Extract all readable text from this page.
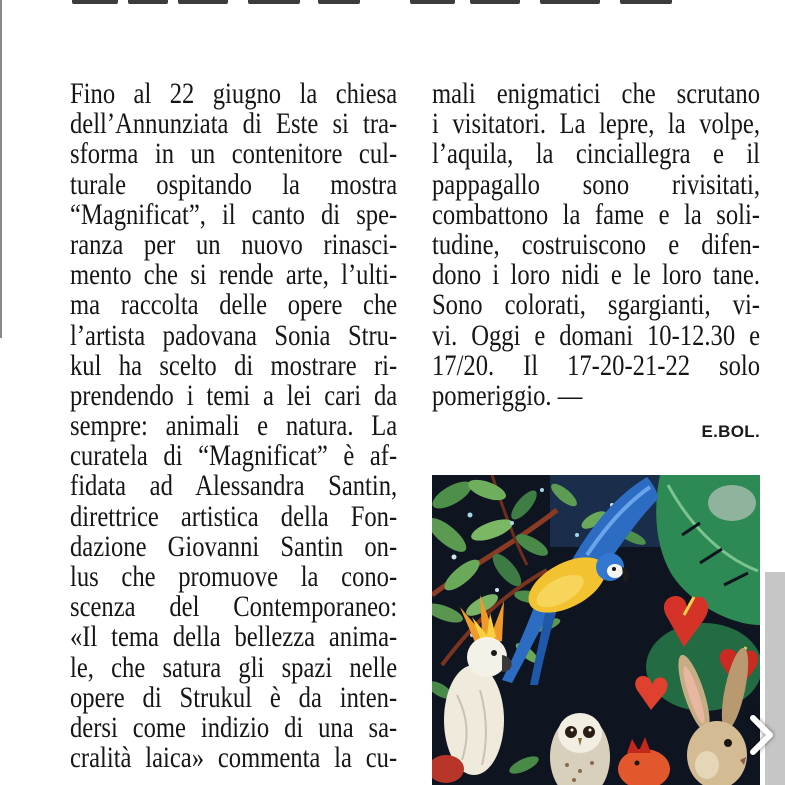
Fino al 22 giugno la chiesa
dell’Annunziata di Este si tra-
sforma in un contenitore cul-
turale ospitando la mostra
“Magnificat”, il canto di spe-
ranza per un nuovo rinasci-
mento che si rende arte, l’ulti-
ma raccolta delle opere che
l’artista padovana Sonia Stru-
kul ha scelto di mostrare ri-
prendendo i temi a lei cari da
sempre: animali e natura. La
curatela di “Magnificat” è af-
fidata ad Alessandra Santin,
direttrice artistica della Fon-
dazione Giovanni Santin on-
lus che promuove la cono-
scenza del Contemporaneo:
«Il tema della bellezza anima-
le, che satura gli spazi nelle
opere di Strukul è da inten-
dersi come indizio di una sa-
cralità laica» commenta la cu-
mali enigmatici che scrutano
i visitatori. La lepre, la volpe,
l’aquila, la cinciallegra e il
pappagallo sono rivisitati,
combattono la fame e la soli-
tudine, costruiscono e difen-
dono i loro nidi e le loro tane.
Sono colorati, sgargianti, vi-
vi. Oggi e domani 10-12.30 e
17/20. Il 17-20-21-22 solo
pomeriggio. —
E.BOL.
